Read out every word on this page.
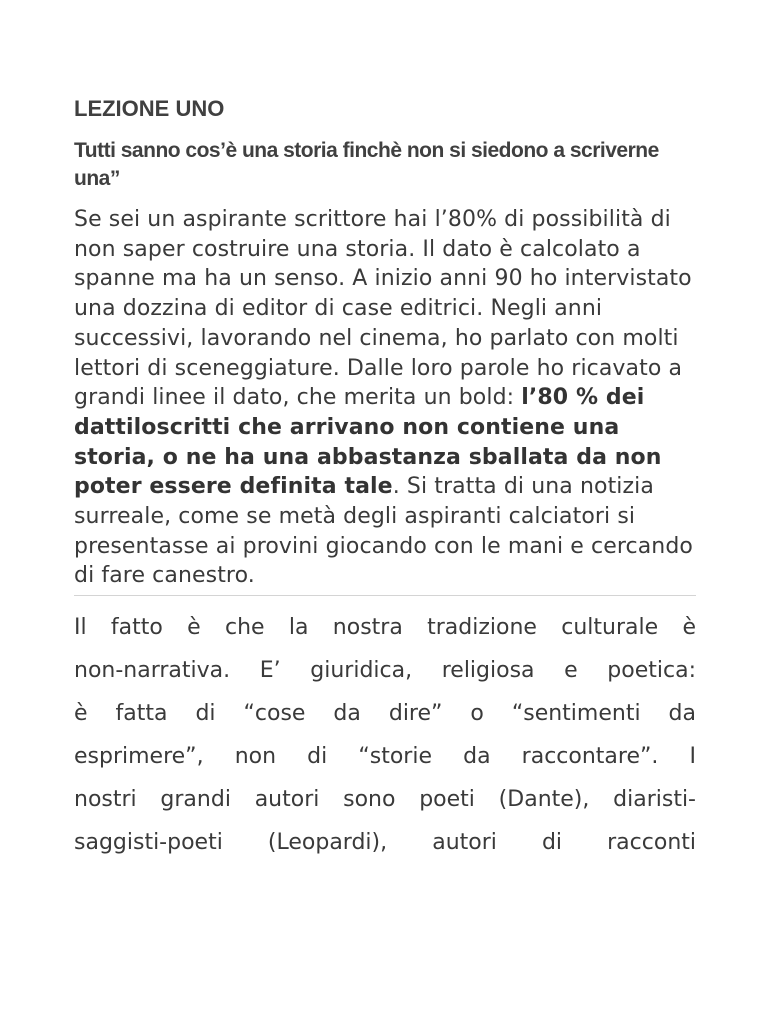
LEZIONE UNO
Tutti sanno cos’è una storia finchè non si siedono a scriverne una”

Se sei un aspirante scrittore hai l’80% di possibilità di non saper costruire una storia. Il dato è calcolato a spanne ma ha un senso. A inizio anni 90 ho intervistato una dozzina di editor di case editrici. Negli anni successivi, lavorando nel cinema, ho parlato con molti lettori di sceneggiature. Dalle loro parole ho ricavato a grandi linee il dato, che merita un bold: l’80 % dei dattiloscritti che arrivano non contiene una storia, o ne ha una abbastanza sballata da non poter essere definita tale. Si tratta di una notizia surreale, come se metà degli aspiranti calciatori si presentasse ai provini giocando con le mani e cercando di fare canestro.

Il fatto è che la nostra tradizione culturale è
non-narrativa. E’ giuridica, religiosa e poetica:
è fatta di “cose da dire” o “sentimenti da
esprimere”, non di “storie da raccontare”. I
nostri grandi autori sono poeti (Dante), diaristi-
saggisti-poeti (Leopardi), autori di racconti
